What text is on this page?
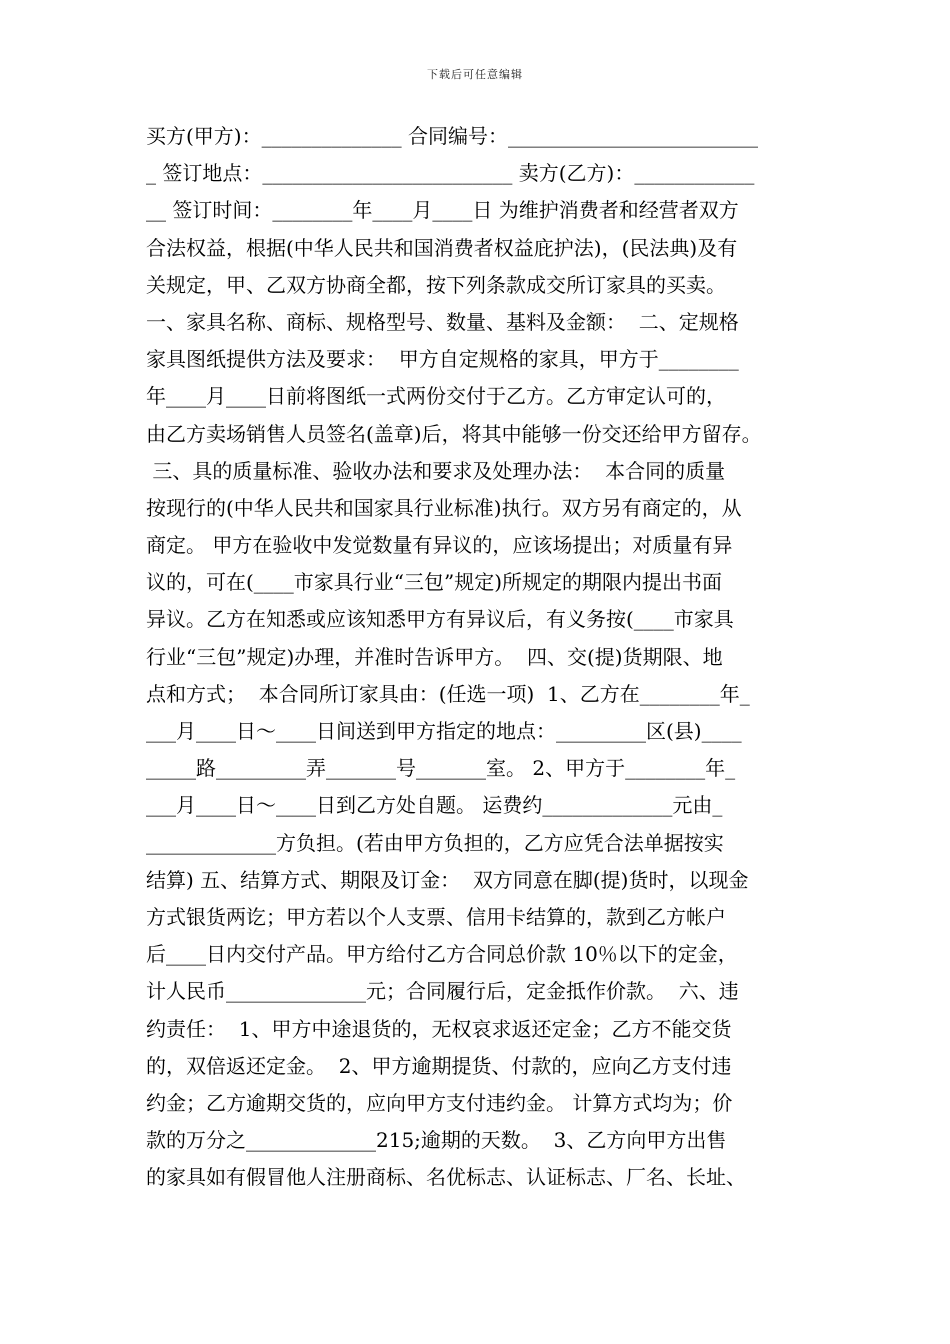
下载后可任意编辑
买方(甲方)：______________ 合同编号：_________________________
_ 签订地点：_________________________ 卖方(乙方)：____________
__ 签订时间：________年____月____日 为维护消费者和经营者双方
合法权益，根据(中华人民共和国消费者权益庇护法)，(民法典)及有
关规定，甲、乙双方协商全都，按下列条款成交所订家具的买卖。
一、家具名称、商标、规格型号、数量、基料及金额：  二、定规格
家具图纸提供方法及要求：  甲方自定规格的家具，甲方于________
年____月____日前将图纸一式两份交付于乙方。乙方审定认可的，
由乙方卖场销售人员签名(盖章)后，将其中能够一份交还给甲方留存。
三、具的质量标准、验收办法和要求及处理办法：  本合同的质量
按现行的(中华人民共和国家具行业标准)执行。双方另有商定的，从
商定。 甲方在验收中发觉数量有异议的，应该场提出；对质量有异
议的，可在(____市家具行业“三包”规定)所规定的期限内提出书面
异议。乙方在知悉或应该知悉甲方有异议后，有义务按(____市家具
行业“三包”规定)办理，并准时告诉甲方。  四、交(提)货期限、地
点和方式；  本合同所订家具由：(任选一项)  1、乙方在________年_
___月____日～____日间送到甲方指定的地点：_________区(县)____
_____路_________弄_______号_______室。 2、甲方于________年_
___月____日～____日到乙方处自题。 运费约_____________元由_
_____________方负担。(若由甲方负担的，乙方应凭合法单据按实
结算) 五、结算方式、期限及订金：  双方同意在脚(提)货时，以现金
方式银货两讫；甲方若以个人支票、信用卡结算的，款到乙方帐户
后____日内交付产品。甲方给付乙方合同总价款 10％以下的定金，
计人民币______________元；合同履行后，定金抵作价款。  六、违
约责任：  1、甲方中途退货的，无权哀求返还定金；乙方不能交货
的，双倍返还定金。  2、甲方逾期提货、付款的，应向乙方支付违
约金；乙方逾期交货的，应向甲方支付违约金。 计算方式均为；价
款的万分之_____________215;逾期的天数。  3、乙方向甲方出售
的家具如有假冒他人注册商标、名优标志、认证标志、厂名、长址、
